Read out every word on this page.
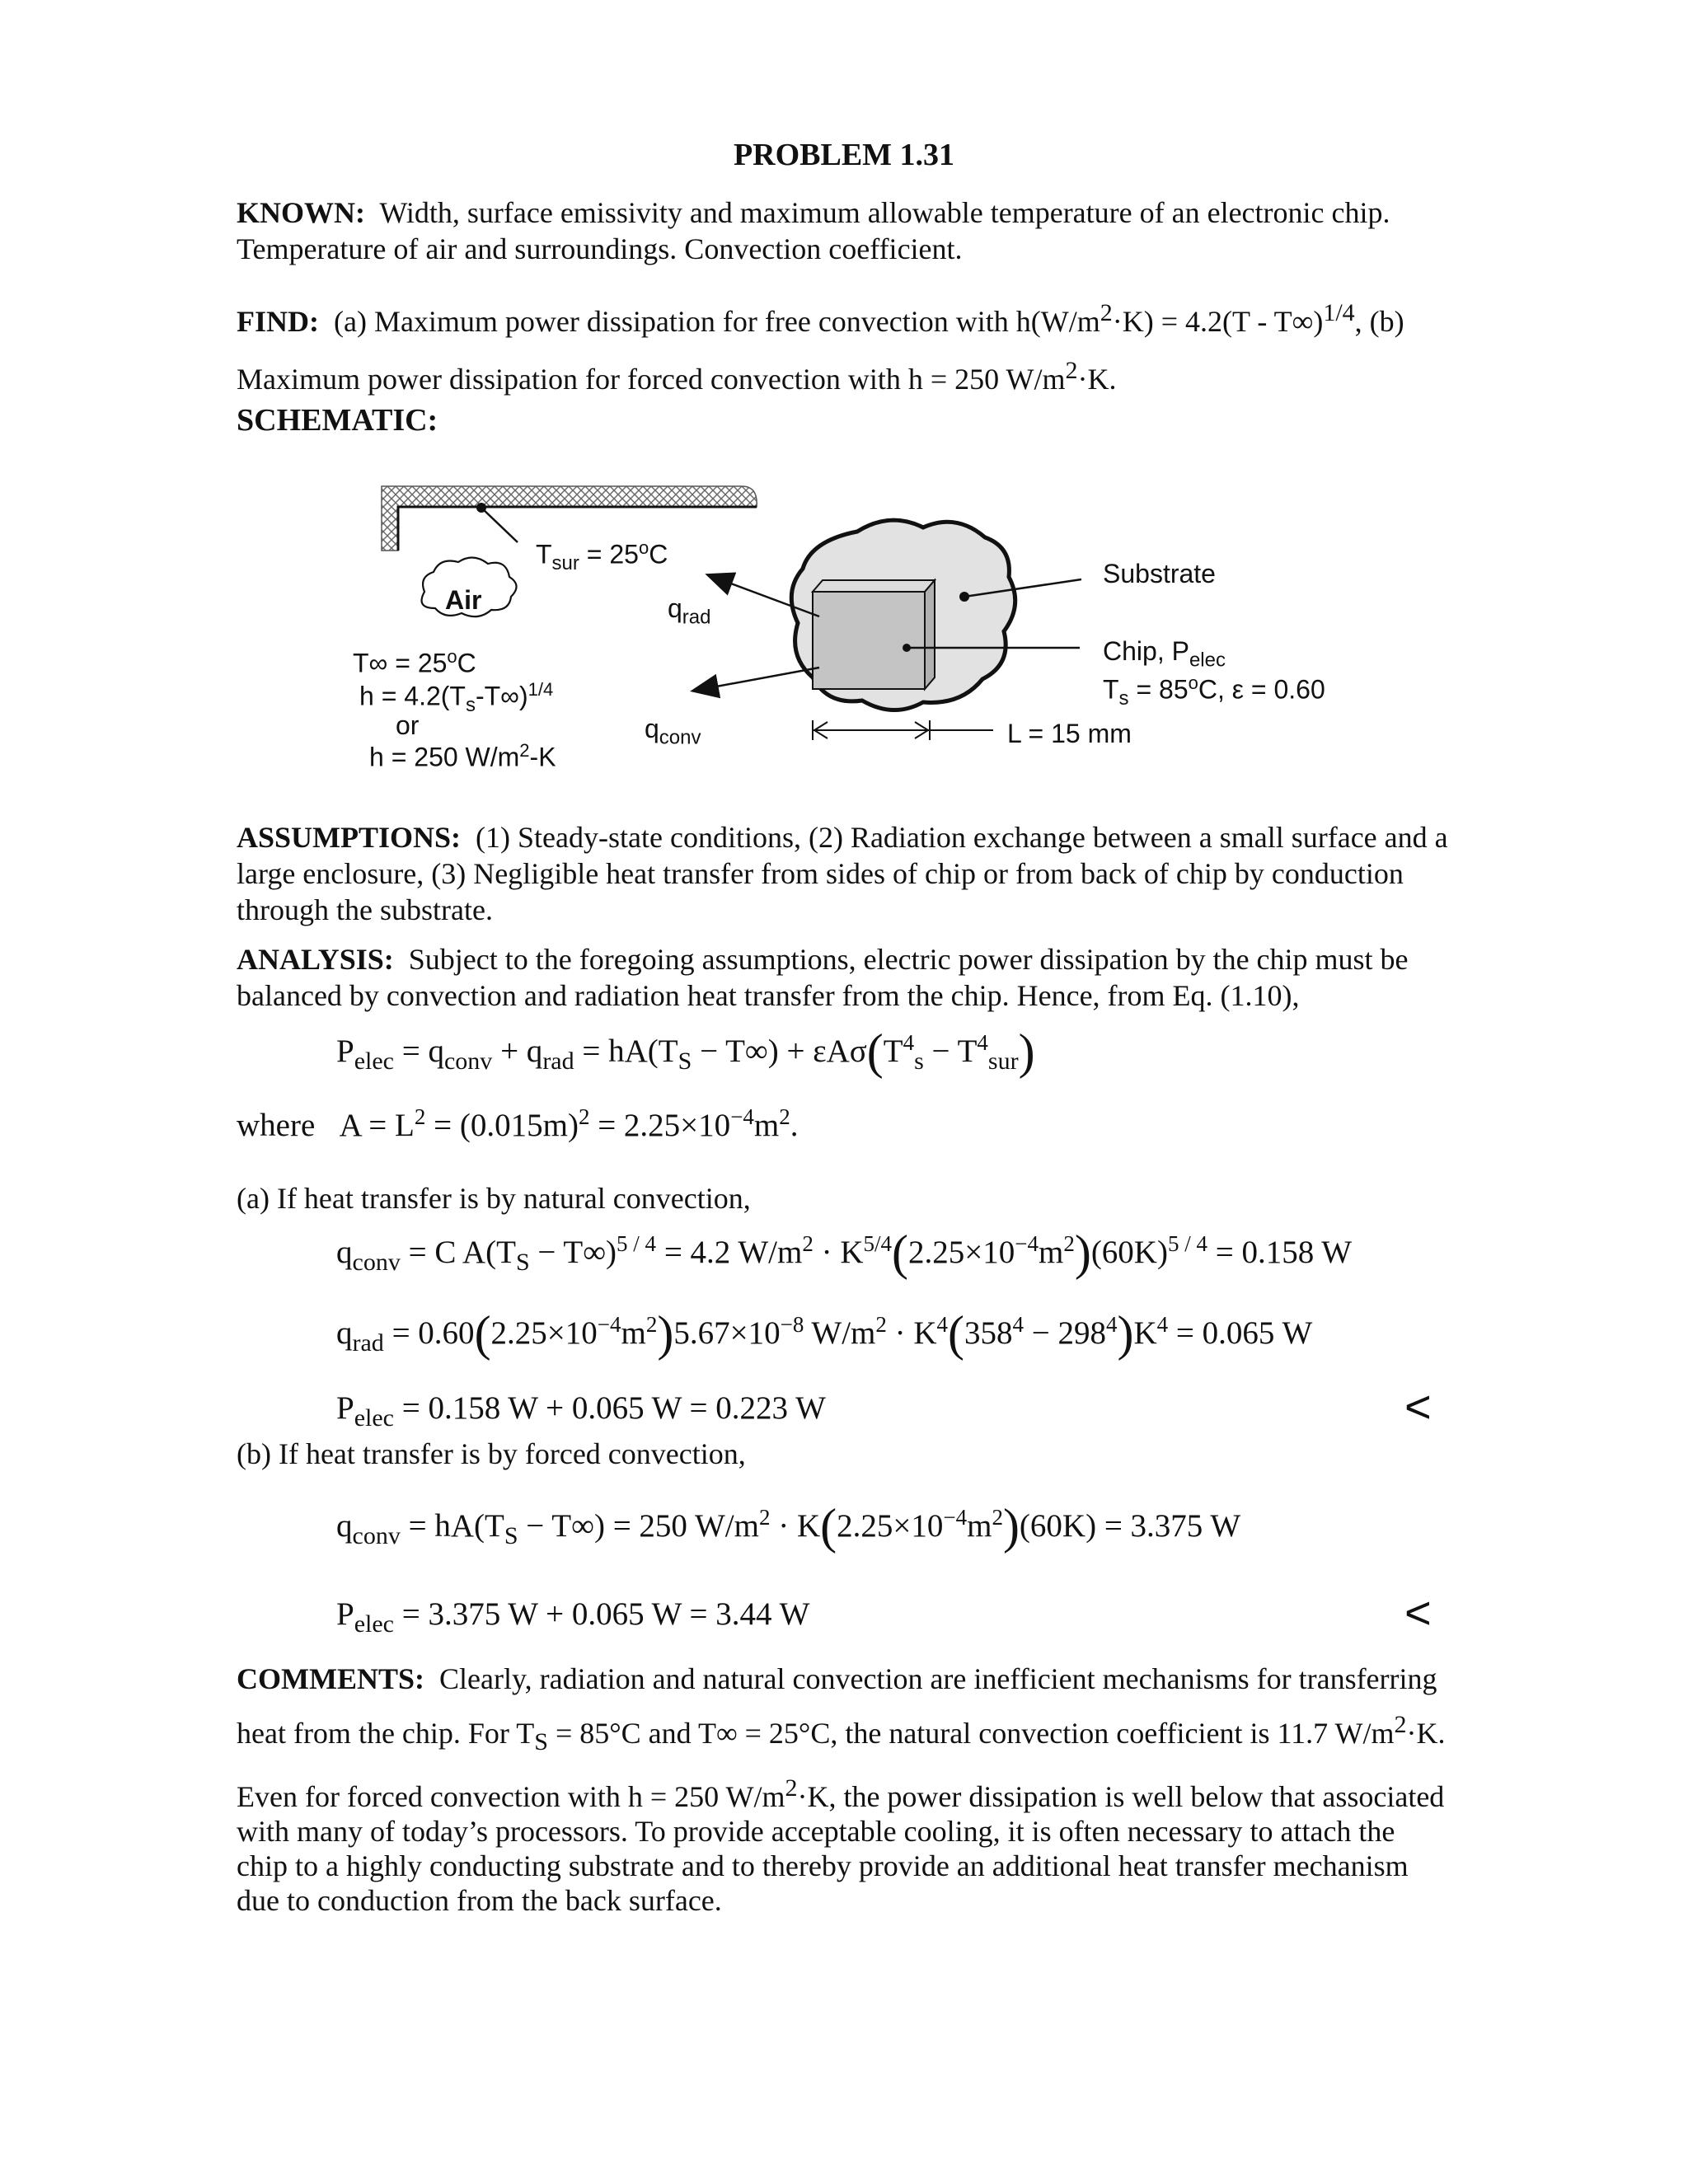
PROBLEM 1.31
KNOWN: Width, surface emissivity and maximum allowable temperature of an electronic chip.
Temperature of air and surroundings. Convection coefficient.
FIND: (a) Maximum power dissipation for free convection with $h(W/m^2\cdot K) = 4.2(T - T\infty)^{1/4}$, (b)
Maximum power dissipation for forced convection with h = 250 $W/m^2\cdot K$.
SCHEMATIC:
$T_{sur} = 25^oC$
Air	$q_{rad}$
$q_{conv}$
$T\infty = 25^oC$
$h = 4.2(T_s-T\infty)^{1/4}$
or
h = 250 $W/m^2-K$
Substrate
Chip, $P_{elec}$
$T_s = 85^oC$, ε = 0.60
L = 15 mm
ASSUMPTIONS: (1) Steady-state conditions, (2) Radiation exchange between a small surface and a
large enclosure, (3) Negligible heat transfer from sides of chip or from back of chip by conduction
through the substrate.
ANALYSIS: Subject to the foregoing assumptions, electric power dissipation by the chip must be
balanced by convection and radiation heat transfer from the chip. Hence, from Eq. (1.10),
$P_{elec} = q_{conv} + q_{rad} = hA(T_S - T\infty) + \varepsilon A\sigma(T^4_s - T^4_{sur})$
where $A = L^2 = (0.015m)^2 = 2.25\times 10^{-4}m^2$.
(a) If heat transfer is by natural convection,
$q_{conv} = C$ $A(T_S - T\infty)^{5 / 4} = 4.2$ $W/m^2 \cdot K^{5/4}(2.25\times 10^{-4}m^2)(60K)^{5 / 4} = 0.158$ W
$q_{rad} = 0.60(2.25\times 10^{-4}m^2)5.67\times 10^{-8}$ $W/m^2 \cdot K^4(358^4 - 298^4)K^4 = 0.065$ W
$P_{elec} = 0.158$ W + 0.065 W = 0.223 W	<
(b) If heat transfer is by forced convection,
$q_{conv} = hA(T_S - T\infty) = 250$ $W/m^2 \cdot K(2.25\times 10^{-4}m^2)(60K) = 3.375$ W
$P_{elec} = 3.375$ W + 0.065 W = 3.44 W	<
COMMENTS: Clearly, radiation and natural convection are inefficient mechanisms for transferring
heat from the chip. For $T_S = 85^\circ C$ and T∞ = 25°C, the natural convection coefficient is 11.7 $W/m^2\cdot K$.
Even for forced convection with h = 250 $W/m^2\cdot K$, the power dissipation is well below that associated
with many of today’s processors. To provide acceptable cooling, it is often necessary to attach the
chip to a highly conducting substrate and to thereby provide an additional heat transfer mechanism
due to conduction from the back surface.
